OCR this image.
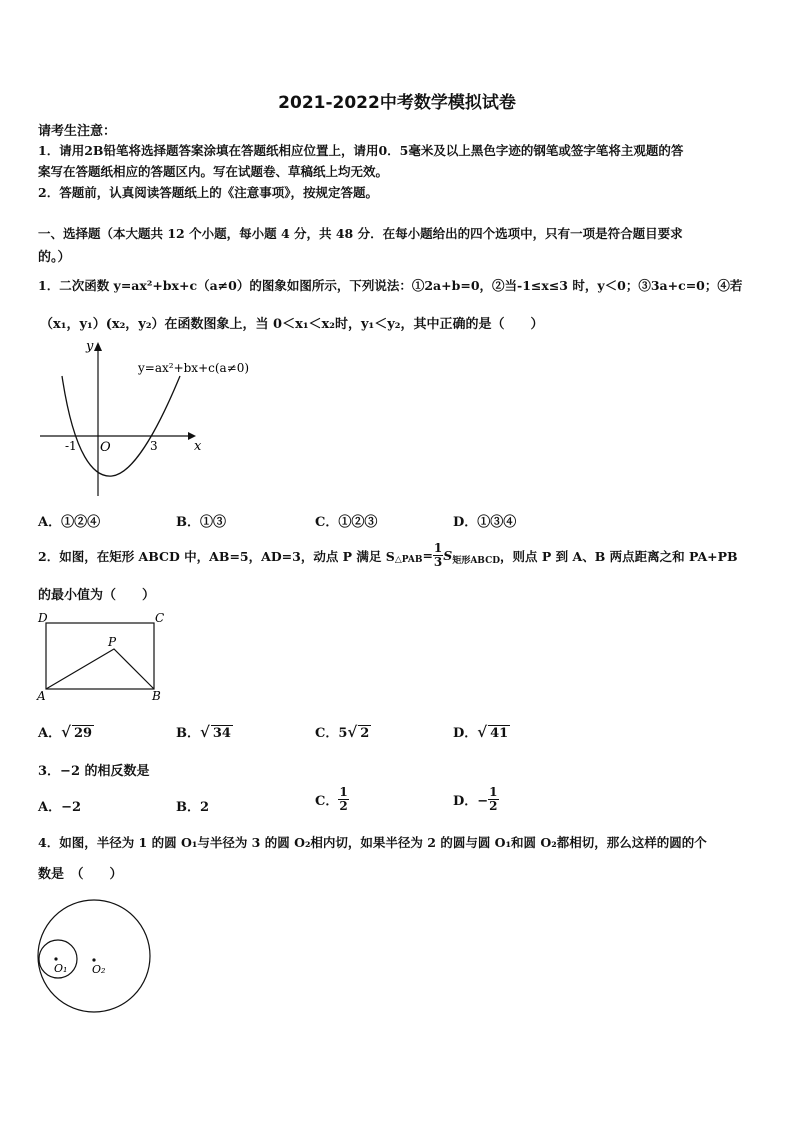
2021-2022中考数学模拟试卷
请考生注意：
1．请用2B铅笔将选择题答案涂填在答题纸相应位置上，请用0．5毫米及以上黑色字迹的钢笔或签字笔将主观题的答
案写在答题纸相应的答题区内。写在试题卷、草稿纸上均无效。
2．答题前，认真阅读答题纸上的《注意事项》，按规定答题。
一、选择题（本大题共 12 个小题，每小题 4 分，共 48 分．在每小题给出的四个选项中，只有一项是符合题目要求
的。）
1．二次函数 y=ax²+bx+c（a≠0）的图象如图所示，下列说法：①2a+b=0，②当-1≤x≤3 时，y＜0；③3a+c=0；④若
（x₁，y₁）(x₂，y₂）在函数图象上，当 0＜x₁＜x₂时，y₁＜y₂，其中正确的是（　　）
y
x
O
-1	3
y=ax²+bx+c(a≠0)
A．①②④	B．①③	C．①②③	D．①③④
2．如图，在矩形 ABCD 中，AB=5，AD=3，动点 P 满足 $S_{\triangle PAB} = \frac{1}{3} S_{矩形ABCD}$ ，则点 P 到 A、B 两点距离之和 PA+PB
的最小值为（　　）
D	C
A	B
P
A．√ 29	B．√ 34	C．5√ 2	D．√ 41
3．−2 的相反数是
A．−2	B．2	C． $\frac{1}{2}$	D．− $\frac{1}{2}$
4．如图，半径为 1 的圆 O₁与半径为 3 的圆 O₂相内切，如果半径为 2 的圆与圆 O₁和圆 O₂都相切，那么这样的圆的个
数是　（　　）
O₁ O₂
